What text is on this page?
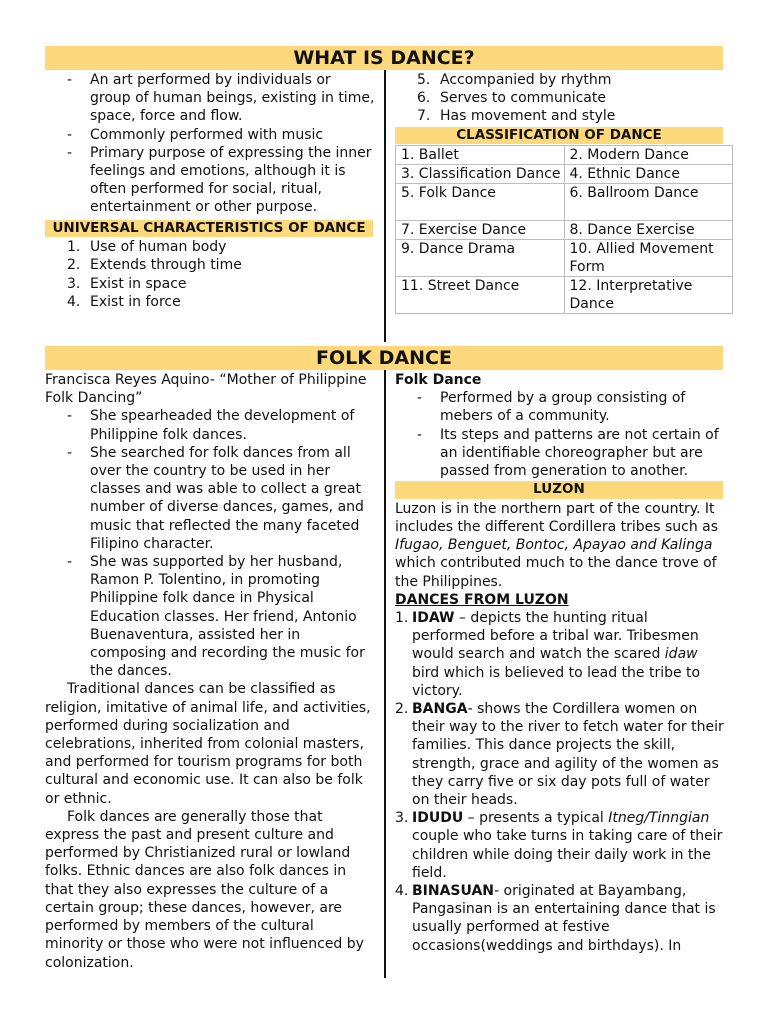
WHAT IS DANCE?
- An art performed by individuals or group of human beings, existing in time, space, force and flow.
- Commonly performed with music
- Primary purpose of expressing the inner feelings and emotions, although it is often performed for social, ritual, entertainment or other purpose.
UNIVERSAL CHARACTERISTICS OF DANCE
1. Use of human body
2. Extends through time
3. Exist in space
4. Exist in force
5. Accompanied by rhythm
6. Serves to communicate
7. Has movement and style
CLASSIFICATION OF DANCE
1. Ballet	2. Modern Dance
3. Classification Dance	4. Ethnic Dance
5. Folk Dance	6. Ballroom Dance
7. Exercise Dance	8. Dance Exercise
9. Dance Drama	10. Allied Movement Form
11. Street Dance	12. Interpretative Dance
FOLK DANCE

Francisca Reyes Aquino- “Mother of Philippine Folk Dancing”

- She spearheaded the development of Philippine folk dances.
- She searched for folk dances from all over the country to be used in her classes and was able to collect a great number of diverse dances, games, and music that reflected the many faceted Filipino character.
- She was supported by her husband, Ramon P. Tolentino, in promoting Philippine folk dance in Physical Education classes. Her friend, Antonio Buenaventura, assisted her in composing and recording the music for the dances.

Traditional dances can be classified as religion, imitative of animal life, and activities, performed during socialization and celebrations, inherited from colonial masters, and performed for tourism programs for both cultural and economic use. It can also be folk or ethnic.

Folk dances are generally those that express the past and present culture and performed by Christianized rural or lowland folks. Ethnic dances are also folk dances in that they also expresses the culture of a certain group; these dances, however, are performed by members of the cultural minority or those who were not influenced by colonization.

Folk Dance

- Performed by a group consisting of mebers of a community.
- Its steps and patterns are not certain of an identifiable choreographer but are passed from generation to another.
LUZON

Luzon is in the northern part of the country. It includes the different Cordillera tribes such as Ifugao, Benguet, Bontoc, Apayao and Kalinga which contributed much to the dance trove of the Philippines.

DANCES FROM LUZON

1. IDAW – depicts the hunting ritual performed before a tribal war. Tribesmen would search and watch the scared idaw bird which is believed to lead the tribe to victory.
2. BANGA- shows the Cordillera women on their way to the river to fetch water for their families. This dance projects the skill, strength, grace and agility of the women as they carry five or six day pots full of water on their heads.
3. IDUDU – presents a typical Itneg/Tinngian couple who take turns in taking care of their children while doing their daily work in the field.
4. BINASUAN- originated at Bayambang, Pangasinan is an entertaining dance that is usually performed at festive occasions(weddings and birthdays). In
